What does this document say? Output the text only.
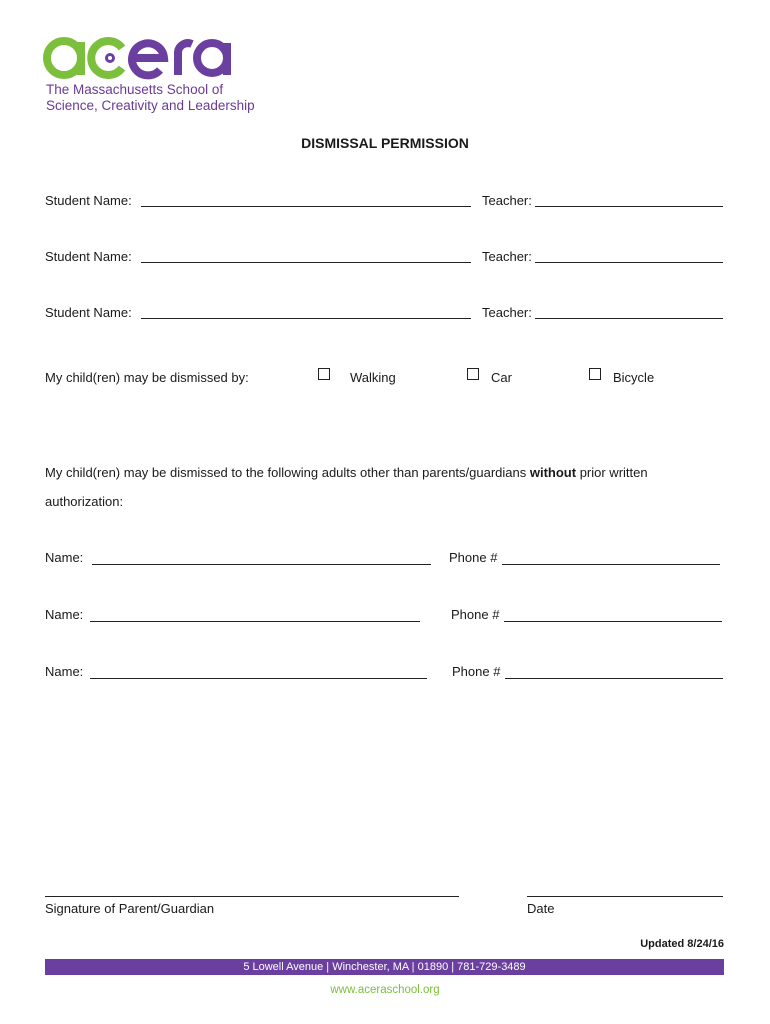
The Massachusetts School of
Science, Creativity and Leadership
DISMISSAL PERMISSION
Student Name:	Teacher:
Student Name:	Teacher:
Student Name:	Teacher:
My child(ren) may be dismissed by:	Walking	Car	Bicycle
My child(ren) may be dismissed to the following adults other than parents/guardians without prior written
authorization:
Name:	Phone #
Name:	Phone #
Name:	Phone #
Signature of Parent/Guardian	Date
Updated 8/24/16
5 Lowell Avenue | Winchester, MA | 01890 | 781-729-3489
www.aceraschool.org
